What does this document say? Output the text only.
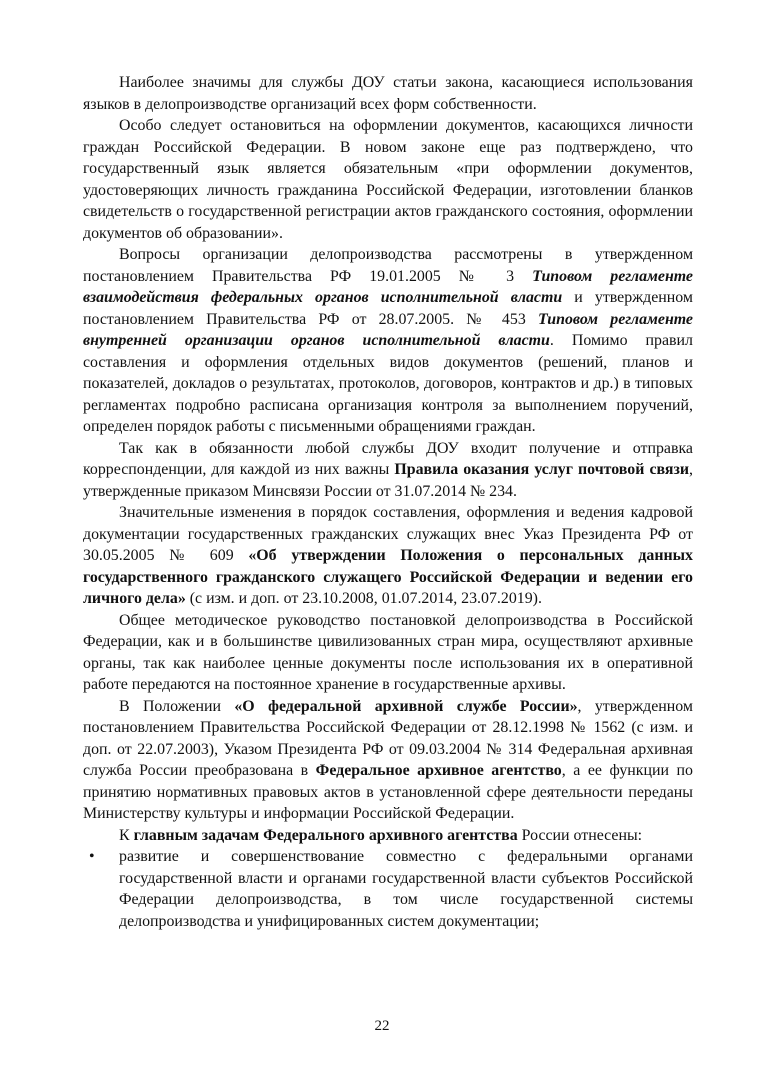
Наиболее значимы для службы ДОУ статьи закона, касающиеся использования языков в делопроизводстве организаций всех форм собственности.

Особо следует остановиться на оформлении документов, касающихся личности граждан Российской Федерации. В новом законе еще раз подтверждено, что государственный язык является обязательным «при оформлении документов, удостоверяющих личность гражданина Российской Федерации, изготовлении бланков свидетельств о государственной регистрации актов гражданского состояния, оформлении документов об образовании».

Вопросы организации делопроизводства рассмотрены в утвержденном постановлением Правительства РФ 19.01.2005 № 3 Типовом регламенте взаимодействия федеральных органов исполнительной власти и утвержденном постановлением Правительства РФ от 28.07.2005. № 453 Типовом регламенте внутренней организации органов исполнительной власти. Помимо правил составления и оформления отдельных видов документов (решений, планов и показателей, докладов о результатах, протоколов, договоров, контрактов и др.) в типовых регламентах подробно расписана организация контроля за выполнением поручений, определен порядок работы с письменными обращениями граждан.

Так как в обязанности любой службы ДОУ входит получение и отправка корреспонденции, для каждой из них важны Правила оказания услуг почтовой связи, утвержденные приказом Минсвязи России от 31.07.2014 № 234.

Значительные изменения в порядок составления, оформления и ведения кадровой документации государственных гражданских служащих внес Указ Президента РФ от 30.05.2005 № 609 «Об утверждении Положения о персональных данных государственного гражданского служащего Российской Федерации и ведении его личного дела» (с изм. и доп. от 23.10.2008, 01.07.2014, 23.07.2019).

Общее методическое руководство постановкой делопроизводства в Российской Федерации, как и в большинстве цивилизованных стран мира, осуществляют архивные органы, так как наиболее ценные документы после использования их в оперативной работе передаются на постоянное хранение в государственные архивы.

В Положении «О федеральной архивной службе России», утвержденном постановлением Правительства Российской Федерации от 28.12.1998 № 1562 (с изм. и доп. от 22.07.2003), Указом Президента РФ от 09.03.2004 № 314 Федеральная архивная служба России преобразована в Федеральное архивное агентство, а ее функции по принятию нормативных правовых актов в установленной сфере деятельности переданы Министерству культуры и информации Российской Федерации.

К главным задачам Федерального архивного агентства России отнесены:

• развитие и совершенствование совместно с федеральными органами государственной власти и органами государственной власти субъектов Российской Федерации делопроизводства, в том числе государственной системы делопроизводства и унифицированных систем документации;
22
